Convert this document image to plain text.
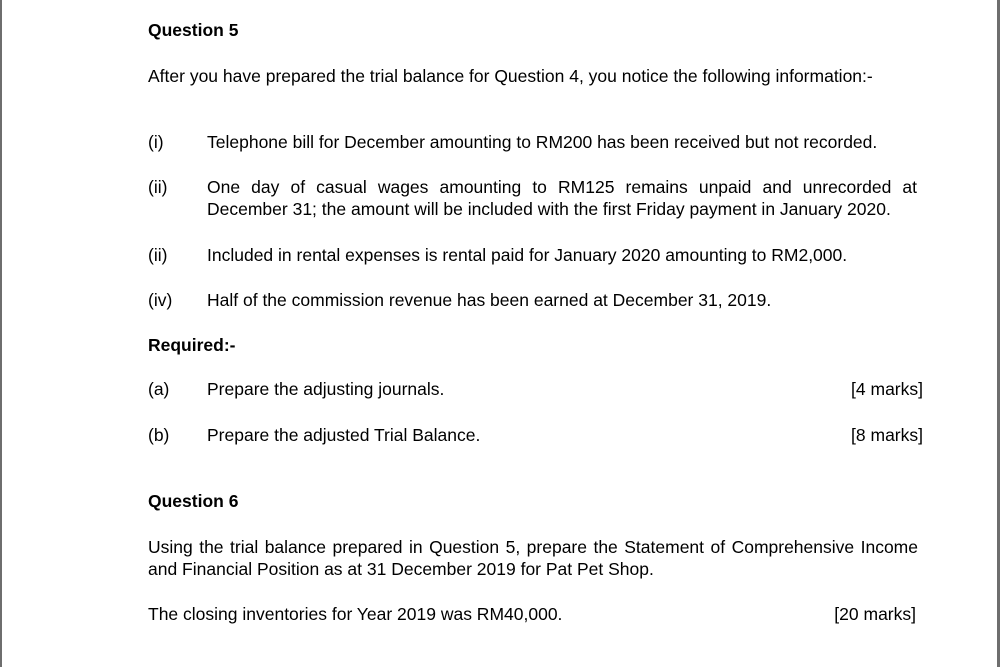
Question 5
After you have prepared the trial balance for Question 4, you notice the following information:-
(i) Telephone bill for December amounting to RM200 has been received but not recorded.
(ii) One day of casual wages amounting to RM125 remains unpaid and unrecorded at December 31; the amount will be included with the first Friday payment in January 2020.
(ii) Included in rental expenses is rental paid for January 2020 amounting to RM2,000.
(iv) Half of the commission revenue has been earned at December 31, 2019.
Required:-
(a) Prepare the adjusting journals.	[4 marks]
(b) Prepare the adjusted Trial Balance.	[8 marks]
Question 6
Using the trial balance prepared in Question 5, prepare the Statement of Comprehensive Income and Financial Position as at 31 December 2019 for Pat Pet Shop.
The closing inventories for Year 2019 was RM40,000.	[20 marks]
